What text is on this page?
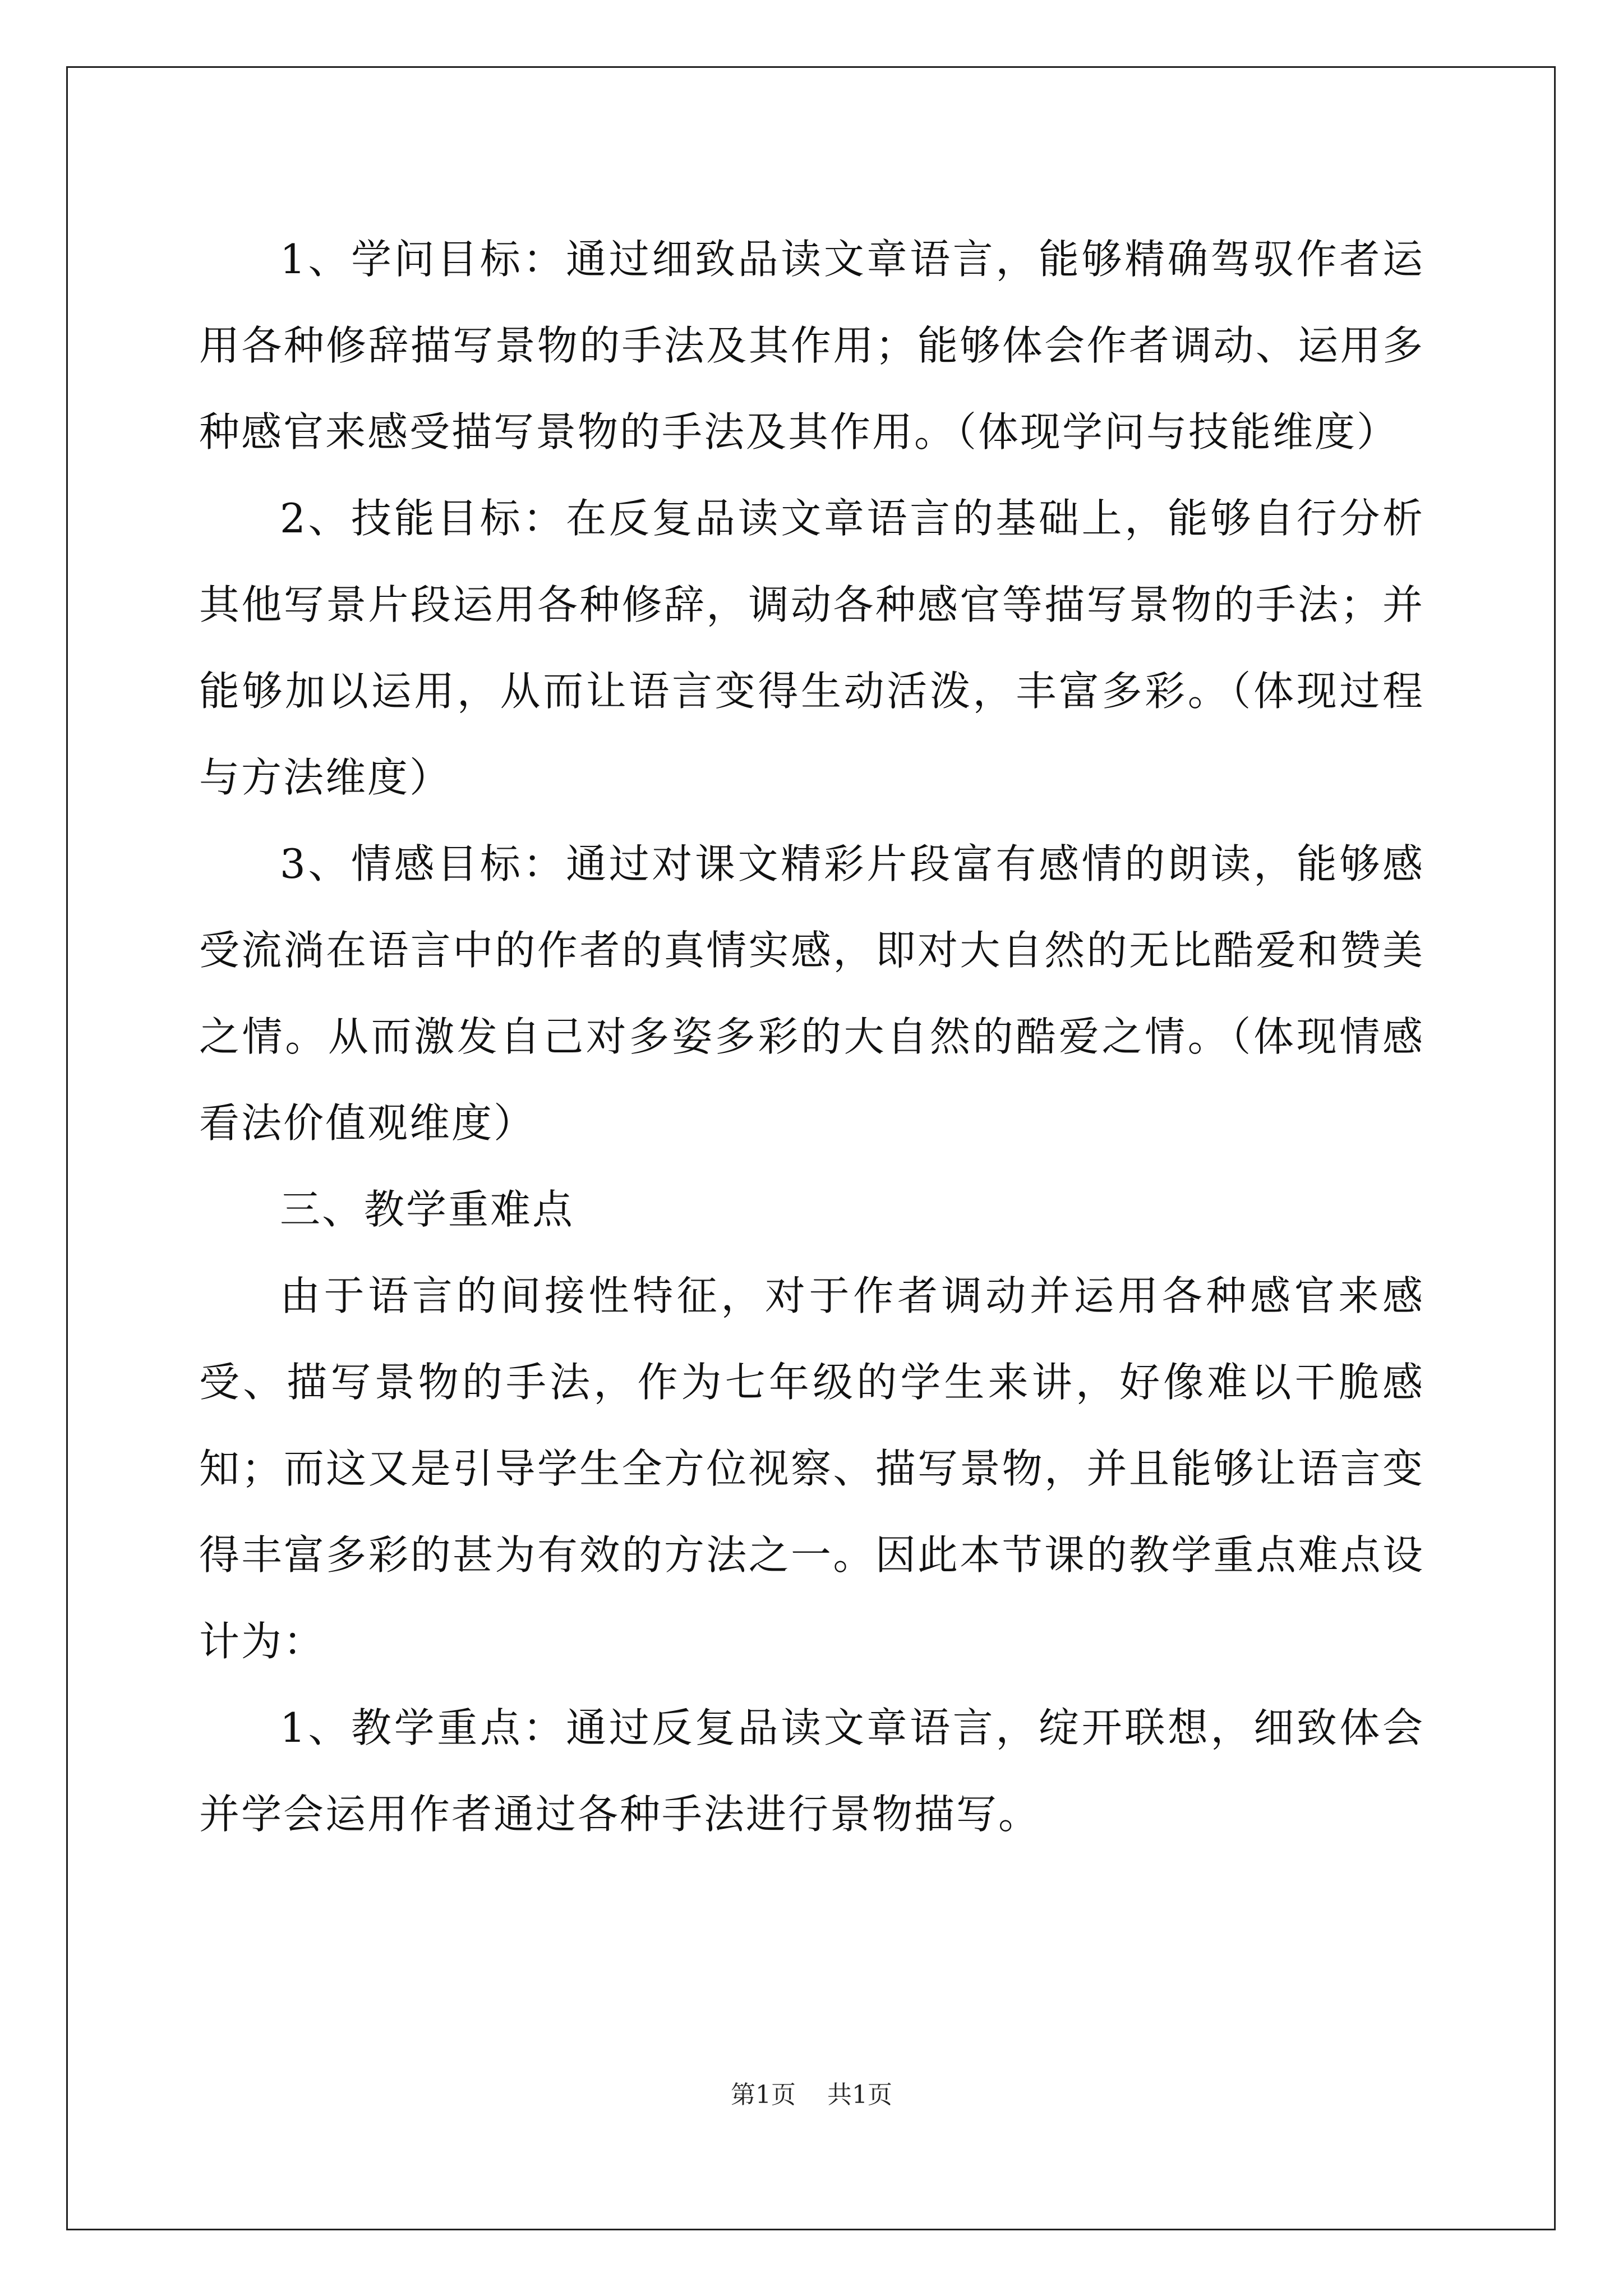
1、学问目标：通过细致品读文章语言，能够精确驾驭作者运用各种修辞描写景物的手法及其作用；能够体会作者调动、运用多种感官来感受描写景物的手法及其作用。（体现学问与技能维度）

2、技能目标：在反复品读文章语言的基础上，能够自行分析其他写景片段运用各种修辞，调动各种感官等描写景物的手法；并能够加以运用，从而让语言变得生动活泼，丰富多彩。（体现过程与方法维度）

3、情感目标：通过对课文精彩片段富有感情的朗读，能够感受流淌在语言中的作者的真情实感，即对大自然的无比酷爱和赞美之情。从而激发自己对多姿多彩的大自然的酷爱之情。（体现情感看法价值观维度）

三、教学重难点

由于语言的间接性特征，对于作者调动并运用各种感官来感受、描写景物的手法，作为七年级的学生来讲，好像难以干脆感知；而这又是引导学生全方位视察、描写景物，并且能够让语言变得丰富多彩的甚为有效的方法之一。因此本节课的教学重点难点设计为：

1、教学重点：通过反复品读文章语言，绽开联想，细致体会并学会运用作者通过各种手法进行景物描写。

第1页 共1页
